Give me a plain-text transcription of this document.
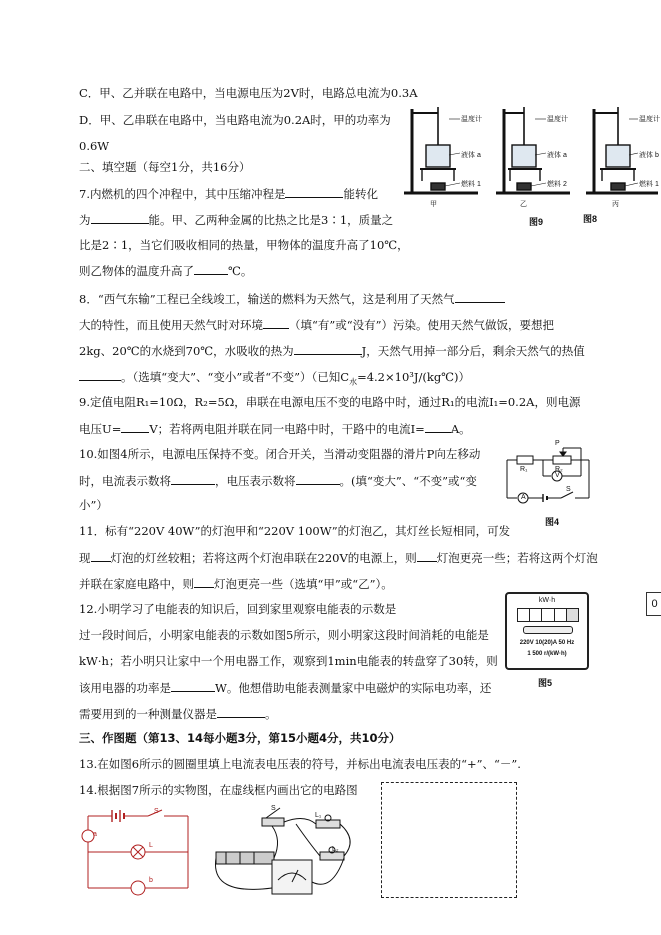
C．甲、乙并联在电路中，当电源电压为2V时，电路总电流为0.3A
D．甲、乙串联在电路中，当电路电流为0.2A时，甲的功率为
0.6W
二、填空题（每空1分，共16分）
7.内燃机的四个冲程中，其中压缩冲程是	能转化
为	能。甲、乙两种金属的比热之比是3∶1，质量之
比是2∶1，当它们吸收相同的热量，甲物体的温度升高了10℃，
则乙物体的温度升高了	℃。
8．“西气东输”工程已全线竣工，输送的燃料为天然气，这是利用了天然气
大的特性，而且使用天然气时对环境 （填“有”或“没有”）污染。使用天然气做饭，要想把
2kg、20℃的水烧到70℃，水吸收的热为	J，天然气用掉一部分后，剩余天然气的热值
。（选填“变大”、“变小”或者“不变”）（已知$C_水=4.2\times 10^3J/(kg℃)$）
9.定值电阻R₁=10Ω，R₂=5Ω，串联在电源电压不变的电路中时，通过R₁的电流I₁=0.2A，则电源
电压U= V；若将两电阻并联在同一电路中时，干路中的电流I= A。
10.如图4所示，电源电压保持不变。闭合开关，当滑动变阻器的滑片P向左移动
时，电流表示数将	，电压表示数将	。(填“变大”、“不变”或“变
小”）
11．标有“220V 40W”的灯泡甲和“220V 100W”的灯泡乙，其灯丝长短相同，可发
现 灯泡的灯丝较粗；若将这两个灯泡串联在220V的电源上，则 灯泡更亮一些；若将这两个灯泡
并联在家庭电路中，则 灯泡更亮一些（选填“甲”或“乙”）。
12.小明学习了电能表的知识后，回到家里观察电能表的示数是	，
过一段时间后，小明家电能表的示数如图5所示，则小明家这段时间消耗的电能是
kW·h；若小明只让家中一个用电器工作，观察到1min电能表的转盘穿了30转，则
该用电器的功率是	W。他想借助电能表测量家中电磁炉的实际电功率，还
需要用到的一种测量仪器是	。
三、作图题（第13、14每小题3分，第15小题4分，共10分）
13.在如图6所示的圆圈里填上电流表电压表的符号，并标出电流表电压表的“+”、“－”.
14.根据图7所示的实物图，在虚线框内画出它的电路图
温度计
液体 a
燃料 1
温度计
液体 a
燃料 2
温度计
液体 b
燃料 1
甲	乙	丙
图9	图8
R₁	R₂
P
V
A
S
图4
kW·h
220V 10(20)A 50 Hz
1 500 r/(kW·h)
图5
0
a
S
L
b
S
L₁
L₂
